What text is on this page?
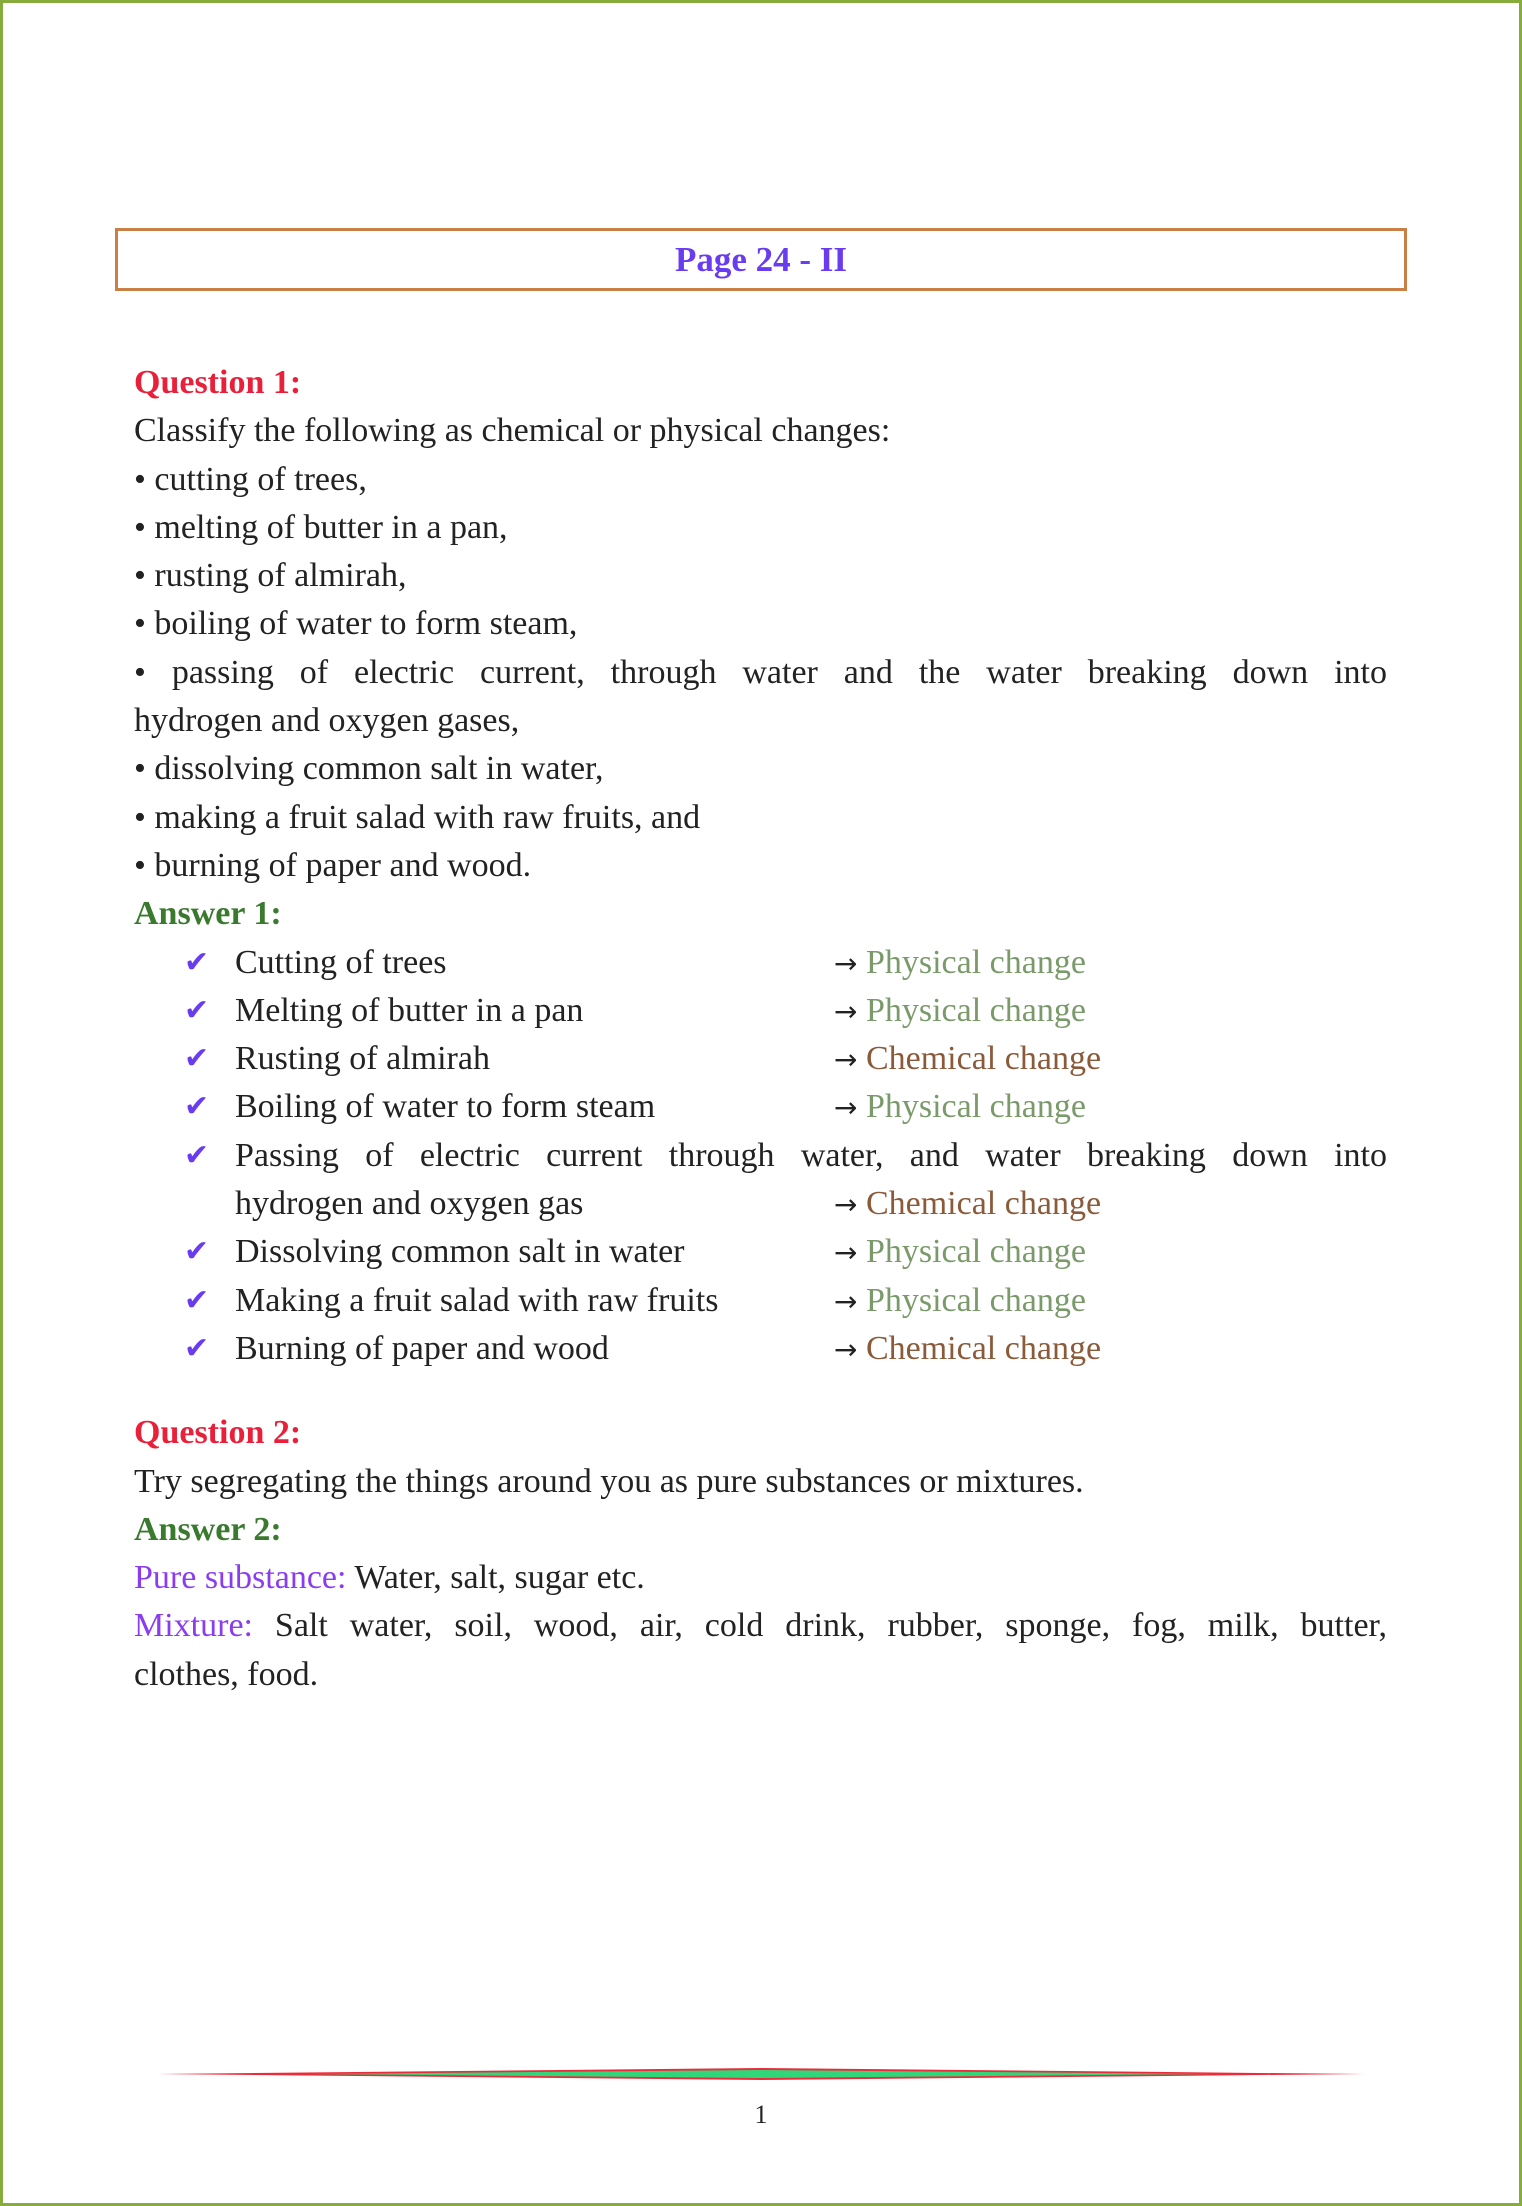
Page 24 - II
Question 1:
Classify the following as chemical or physical changes:
• cutting of trees,
• melting of butter in a pan,
• rusting of almirah,
• boiling of water to form steam,
• passing of electric current, through water and the water breaking down into
hydrogen and oxygen gases,
• dissolving common salt in water,
• making a fruit salad with raw fruits, and
• burning of paper and wood.
Answer 1:
✔ Cutting of trees	→ Physical change
✔ Melting of butter in a pan	→ Physical change
✔ Rusting of almirah	→ Chemical change
✔ Boiling of water to form steam	→ Physical change
✔ Passing of electric current through water, and water breaking down into
hydrogen and oxygen gas	→ Chemical change
✔ Dissolving common salt in water	→ Physical change
✔ Making a fruit salad with raw fruits	→ Physical change
✔ Burning of paper and wood	→ Chemical change
Question 2:
Try segregating the things around you as pure substances or mixtures.
Answer 2:
Pure substance: Water, salt, sugar etc.
Mixture: Salt water, soil, wood, air, cold drink, rubber, sponge, fog, milk, butter,
clothes, food.
1
